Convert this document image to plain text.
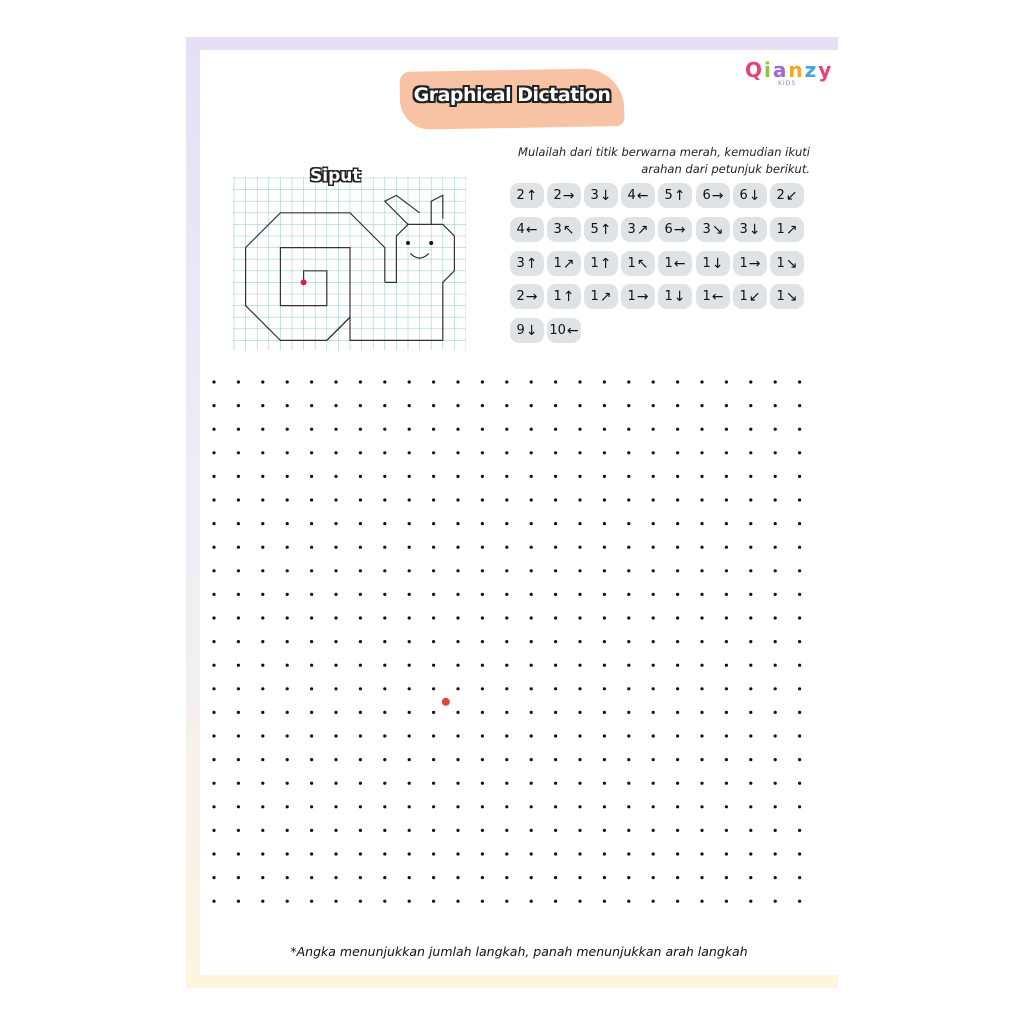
Qianzy
KIDS
Graphical Dictation
Mulailah dari titik berwarna merah, kemudian ikuti
arahan dari petunjuk berikut.
Siput
2 ↑ 2 → 3 ↓ 4 ← 5 ↑ 6 → 6 ↓ 2 ↙
4 ← 3 ↖ 5 ↑ 3 ↗ 6 → 3 ↘ 3 ↓ 1 ↗
3 ↑ 1 ↗ 1 ↑ 1 ↖ 1 ← 1 ↓ 1 → 1 ↘
2 → 1 ↑ 1 ↗ 1 → 1 ↓ 1 ← 1 ↙ 1 ↘
9 ↓ 10 ←
*Angka menunjukkan jumlah langkah, panah menunjukkan arah langkah
